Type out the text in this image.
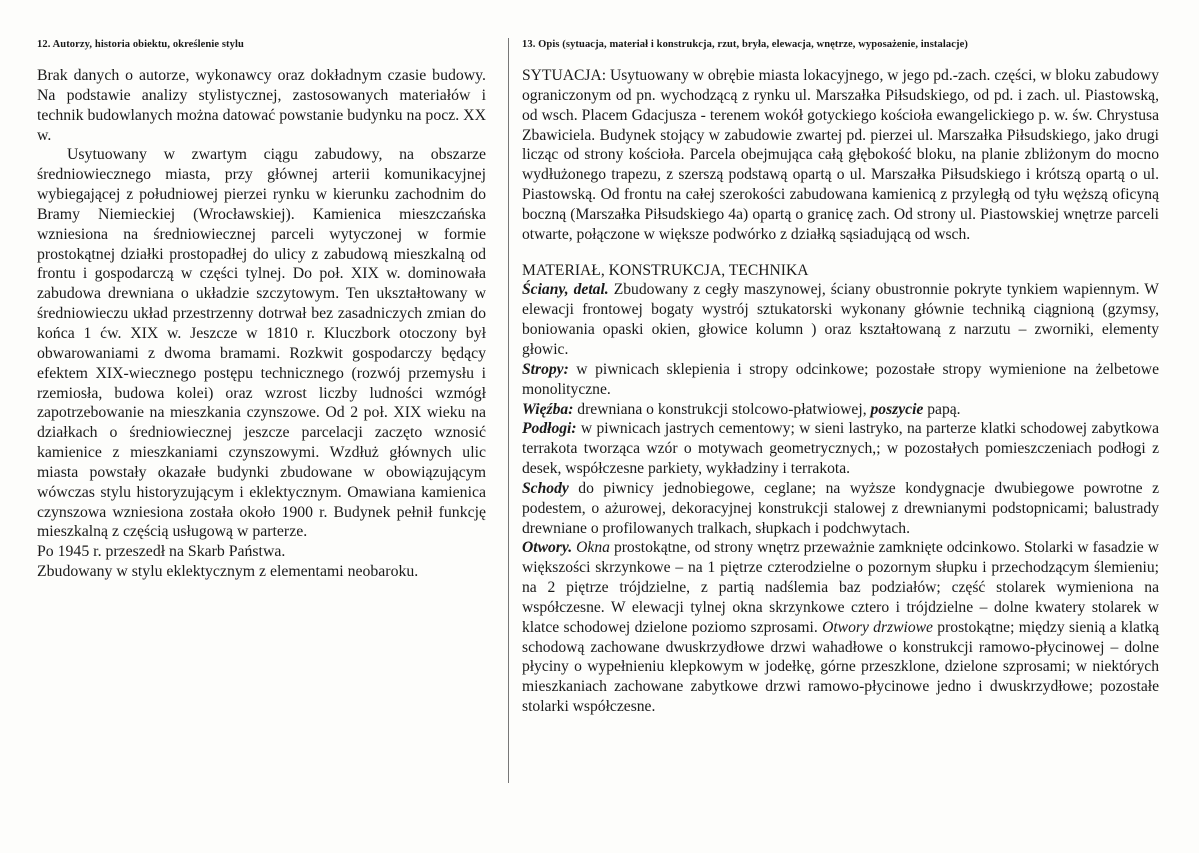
12. Autorzy, historia obiektu, określenie stylu

Brak danych o autorze, wykonawcy oraz dokładnym czasie budowy. Na podstawie analizy stylistycznej, zastosowanych materiałów i technik budowlanych można datować powstanie budynku na pocz. XX w.

Usytuowany w zwartym ciągu zabudowy, na obszarze średniowiecznego miasta, przy głównej arterii komunikacyjnej wybiegającej z południowej pierzei rynku w kierunku zachodnim do Bramy Niemieckiej (Wrocławskiej). Kamienica mieszczańska wzniesiona na średniowiecznej parceli wytyczonej w formie prostokątnej działki prostopadłej do ulicy z zabudową mieszkalną od frontu i gospodarczą w części tylnej. Do poł. XIX w. dominowała zabudowa drewniana o układzie szczytowym. Ten ukształtowany w średniowieczu układ przestrzenny dotrwał bez zasadniczych zmian do końca 1 ćw. XIX w. Jeszcze w 1810 r. Kluczbork otoczony był obwarowaniami z dwoma bramami. Rozkwit gospodarczy będący efektem XIX-wiecznego postępu technicznego (rozwój przemysłu i rzemiosła, budowa kolei) oraz wzrost liczby ludności wzmógł zapotrzebowanie na mieszkania czynszowe. Od 2 poł. XIX wieku na działkach o średniowiecznej jeszcze parcelacji zaczęto wznosić kamienice z mieszkaniami czynszowymi. Wzdłuż głównych ulic miasta powstały okazałe budynki zbudowane w obowiązującym wówczas stylu historyzującym i eklektycznym. Omawiana kamienica czynszowa wzniesiona została około 1900 r. Budynek pełnił funkcję mieszkalną z częścią usługową w parterze.

Po 1945 r. przeszedł na Skarb Państwa.

Zbudowany w stylu eklektycznym z elementami neobaroku.

13. Opis (sytuacja, materiał i konstrukcja, rzut, bryła, elewacja, wnętrze, wyposażenie, instalacje)

SYTUACJA: Usytuowany w obrębie miasta lokacyjnego, w jego pd.-zach. części, w bloku zabudowy ograniczonym od pn. wychodzącą z rynku ul. Marszałka Piłsudskiego, od pd. i zach. ul. Piastowską, od wsch. Placem Gdacjusza - terenem wokół gotyckiego kościoła ewangelickiego p. w. św. Chrystusa Zbawiciela. Budynek stojący w zabudowie zwartej pd. pierzei ul. Marszałka Piłsudskiego, jako drugi licząc od strony kościoła. Parcela obejmująca całą głębokość bloku, na planie zbliżonym do mocno wydłużonego trapezu, z szerszą podstawą opartą o ul. Marszałka Piłsudskiego i krótszą opartą o ul. Piastowską. Od frontu na całej szerokości zabudowana kamienicą z przyległą od tyłu węższą oficyną boczną (Marszałka Piłsudskiego 4a) opartą o granicę zach. Od strony ul. Piastowskiej wnętrze parceli otwarte, połączone w większe podwórko z działką sąsiadującą od wsch.

MATERIAŁ, KONSTRUKCJA, TECHNIKA

Ściany, detal. Zbudowany z cegły maszynowej, ściany obustronnie pokryte tynkiem wapiennym. W elewacji frontowej bogaty wystrój sztukatorski wykonany głównie techniką ciągnioną (gzymsy, boniowania opaski okien, głowice kolumn ) oraz kształtowaną z narzutu – zworniki, elementy głowic.

Stropy: w piwnicach sklepienia i stropy odcinkowe; pozostałe stropy wymienione na żelbetowe monolityczne.

Więźba: drewniana o konstrukcji stolcowo-płatwiowej, poszycie papą.

Podłogi: w piwnicach jastrych cementowy; w sieni lastryko, na parterze klatki schodowej zabytkowa terrakota tworząca wzór o motywach geometrycznych,; w pozostałych pomieszczeniach podłogi z desek, współczesne parkiety, wykładziny i terrakota.

Schody do piwnicy jednobiegowe, ceglane; na wyższe kondygnacje dwubiegowe powrotne z podestem, o ażurowej, dekoracyjnej konstrukcji stalowej z drewnianymi podstopnicami; balustrady drewniane o profilowanych tralkach, słupkach i podchwytach.

Otwory. Okna prostokątne, od strony wnętrz przeważnie zamknięte odcinkowo. Stolarki w fasadzie w większości skrzynkowe – na 1 piętrze czterodzielne o pozornym słupku i przechodzącym ślemieniu; na 2 piętrze trójdzielne, z partią nadślemia baz podziałów; część stolarek wymieniona na współczesne. W elewacji tylnej okna skrzynkowe cztero i trójdzielne – dolne kwatery stolarek w klatce schodowej dzielone poziomo szprosami. Otwory drzwiowe prostokątne; między sienią a klatką schodową zachowane dwuskrzydłowe drzwi wahadłowe o konstrukcji ramowo-płycinowej – dolne płyciny o wypełnieniu klepkowym w jodełkę, górne przeszklone, dzielone szprosami; w niektórych mieszkaniach zachowane zabytkowe drzwi ramowo-płycinowe jedno i dwuskrzydłowe; pozostałe stolarki współczesne.
